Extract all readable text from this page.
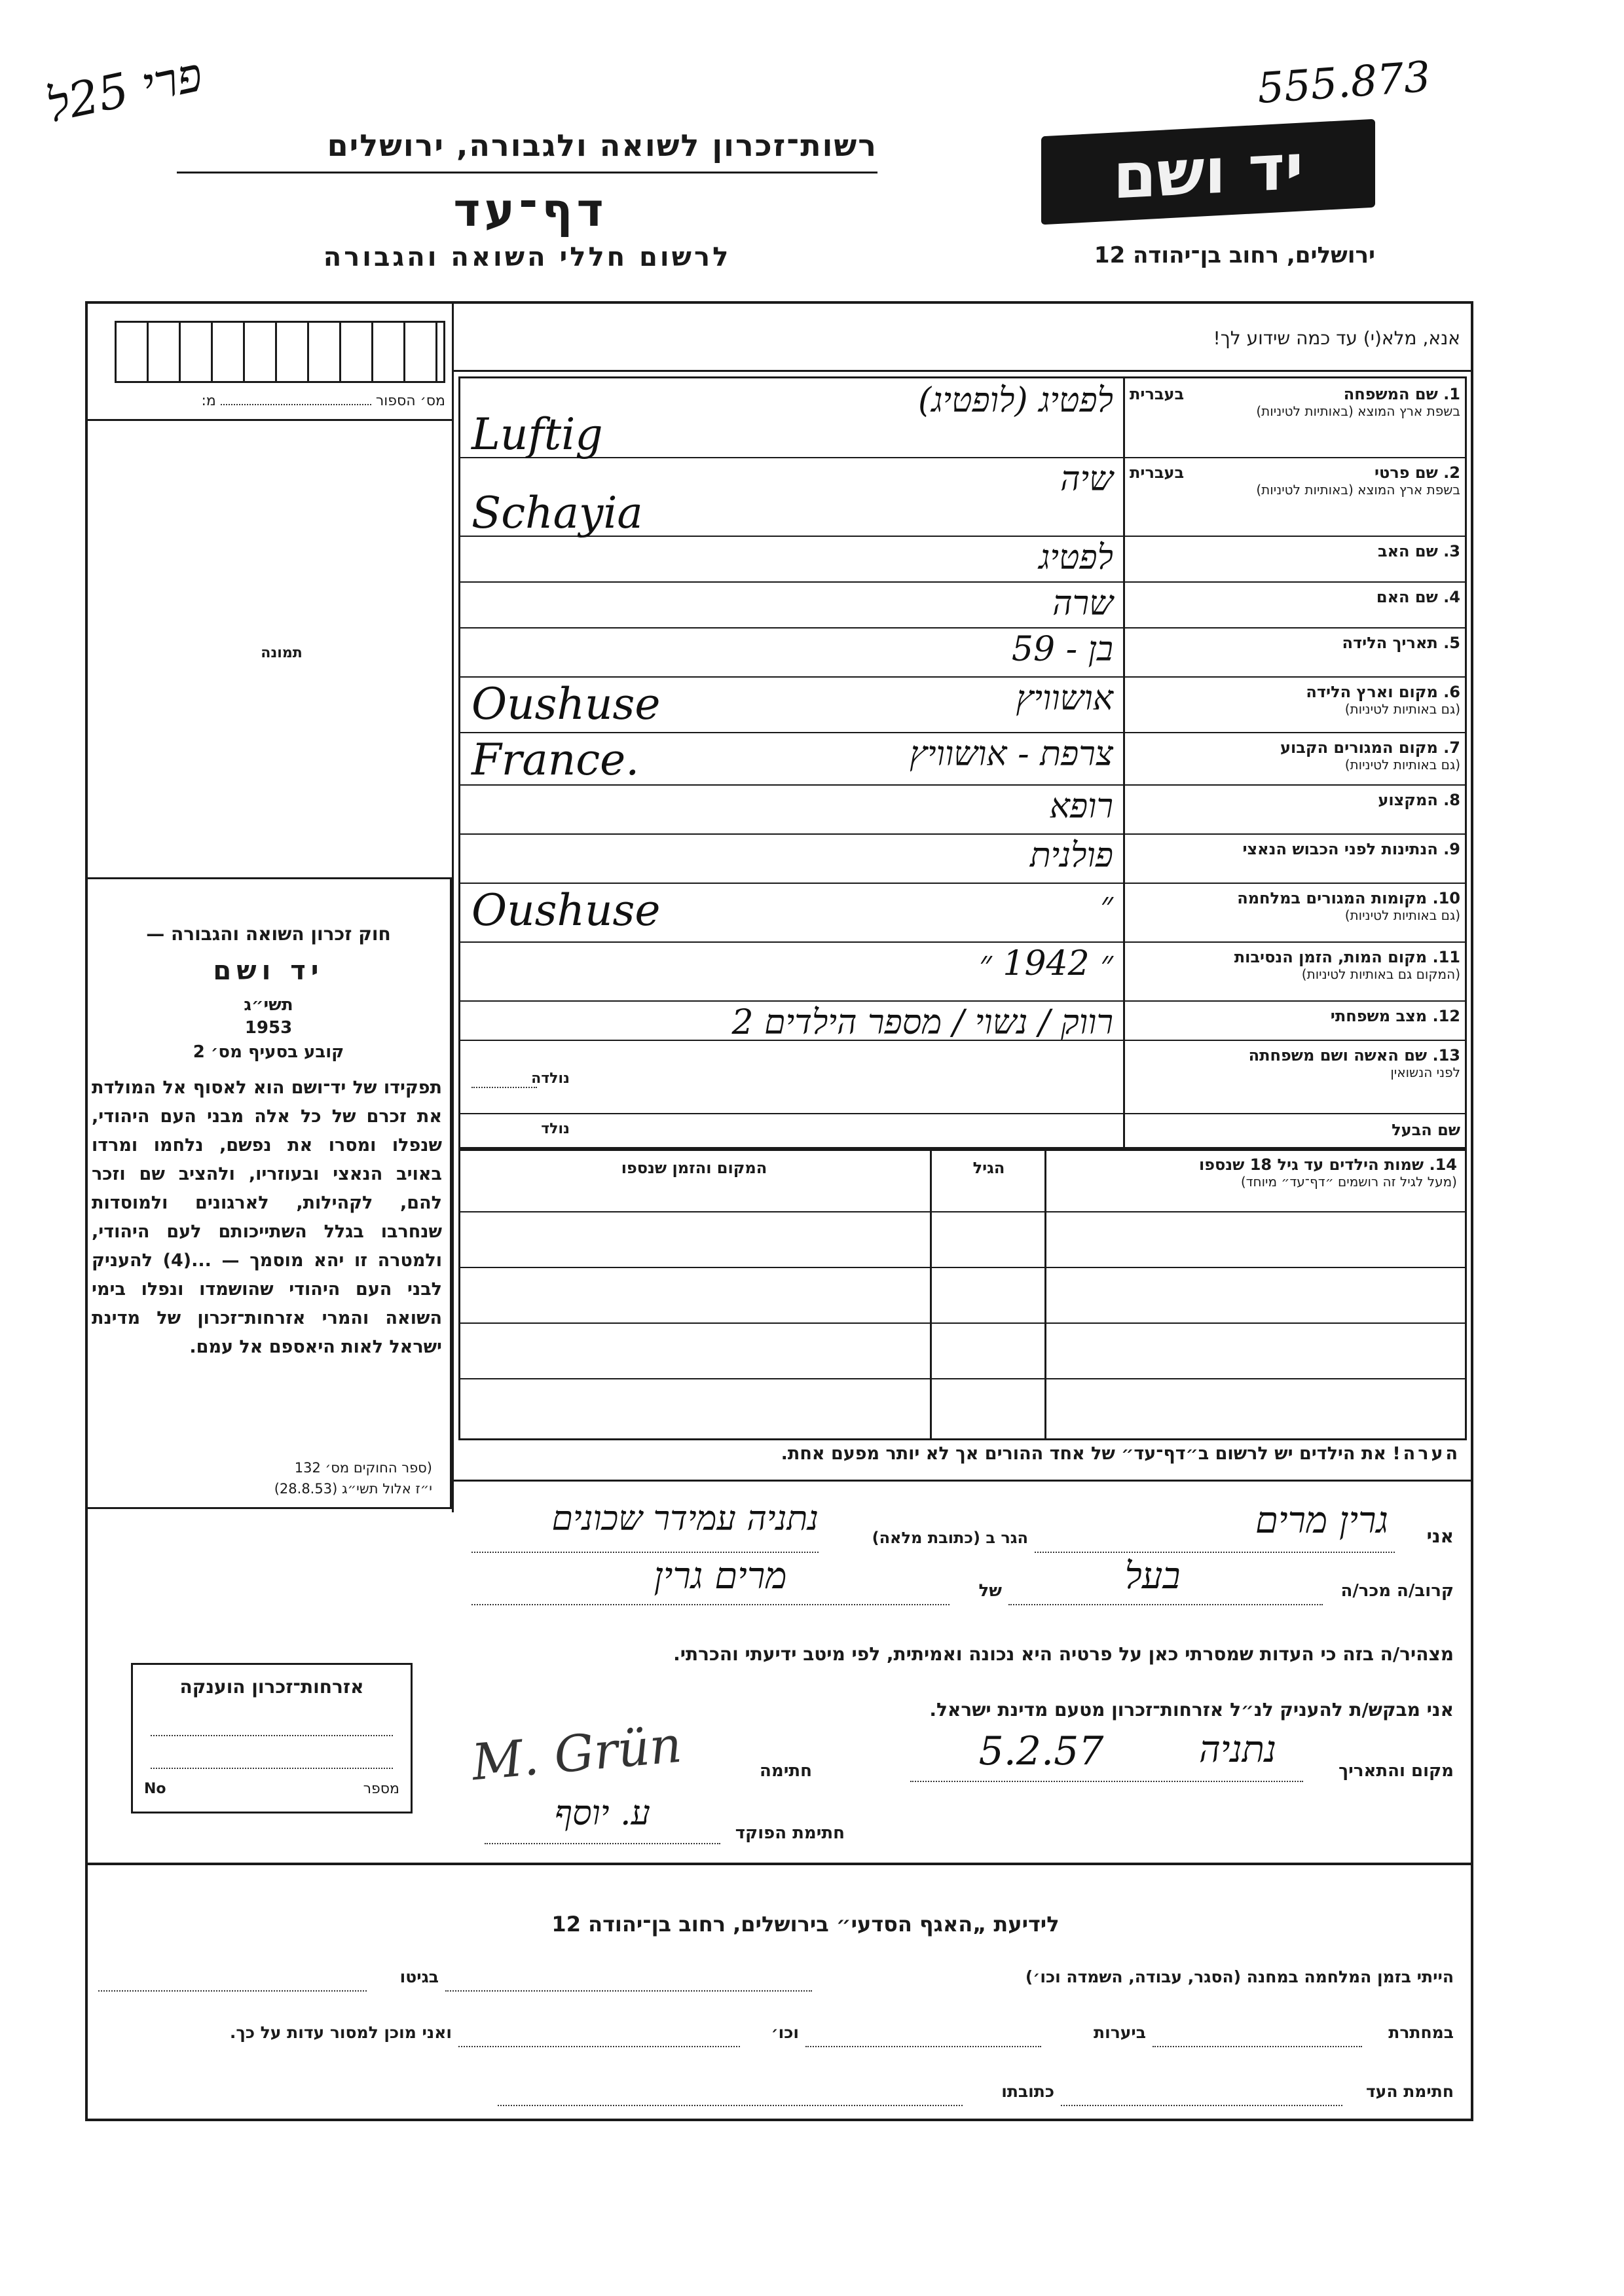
פרי 25ל	555.873
יד ושם
ירושלים, רחוב בן־יהודה 12
רשות־זכרון לשואה ולגבורה, ירושלים
דף־עד
לרשום חללי השואה והגבורה
מס׳ הספור  מ:
תמונה
חוק זכרון השואה והגבורה —
יד ושם
תשי״ג
1953
קובע בסעיף מס׳ 2
תפקידו של יד־ושם הוא לאסוף אל המולדת את זכרם של כל אלה מבני העם היהודי, שנפלו ומסרו את נפשם, נלחמו ומרדו באויב הנאצי ובעוזריו, ולהציב שם וזכר להם, לקהילות, לארגונים ולמוסדות שנחרבו בגלל השתייכותם לעם היהודי, ולמטרה זו יהא מוסמך — ...(4) להעניק לבני העם היהודי שהושמדו ונפלו בימי השואה והמרי אזרחות־זכרון של מדינת ישראל לאות היאספם אל עמם.
(ספר החוקים מס׳ 132
י״ז אלול תשי״ג (28.8.53)
אנא, מלא(י) עד כמה שידוע לך!
1. שם המשפחה
בעברית
בשפת ארץ המוצא (באותיות לטיניות)
לפטיג (לופטיג)
Luftig
2. שם פרטי
בעברית
בשפת ארץ המוצא (באותיות לטיניות)
שיה
Schayia
3. שם האב
לפטיג
4. שם האם
שרה
5. תאריך הלידה
בן - 59
6. מקום וארץ הלידה
(גם באותיות לטיניות)
אושוויץ
Oushuse
7. מקום המגורים הקבוע
(גם באותיות לטיניות)
צרפת - אושוויץ
France.
8. המקצוע
רופא
9. הנתינות לפני הכבוש הנאצי
פולנית
10. מקומות המגורים במלחמה
(גם באותיות לטיניות)
״
Oushuse
11. מקום המות, הזמן הנסיבות
(המקום גם באותיות לטיניות)
״ 1942 ״
12. מצב משפחתי
רווק / נשוי / מספר הילדים 2
13. שם האשה ושם משפחתה
לפני הנשואין
נולדה
שם הבעל
נולד
14. שמות הילדים עד גיל 18 שנספו
(מעל לגיל זה רושמים ״דף־עד״ מיוחד)
הגיל
המקום והזמן שנספו
הערה! את הילדים יש לרשום ב״דף־עד״ של אחד ההורים אך לא יותר מפעם אחת.
אני
גרין מרים
הגר ב (כתובת מלאה)
נתניה עמידר שכונים
קרוב/ה מכר/ה
בעל
של
מרים גרין
מצהיר/ה בזה כי העדות שמסרתי כאן על פרטיה היא נכונה ואמיתית, לפי מיטב ידיעתי והכרתי.
אני מבקש/ת להעניק לנ״ל אזרחות־זכרון מטעם מדינת ישראל.
מקום והתאריך
נתניה
5.2.57
חתימה
M. Grün
חתימת הפוקד
ע. יוסף
אזרחות־זכרון הוענקה
מספר
No
לידיעת „האגף הסדעי״ בירושלים, רחוב בן־יהודה 12
הייתי בזמן המלחמה במחנה (הסגר, עבודה, השמדה וכו׳)
בגיטו
במחתרת
ביערות
וכו׳
ואני מוכן למסור עדות על כך.
חתימת העד
כתובתו
